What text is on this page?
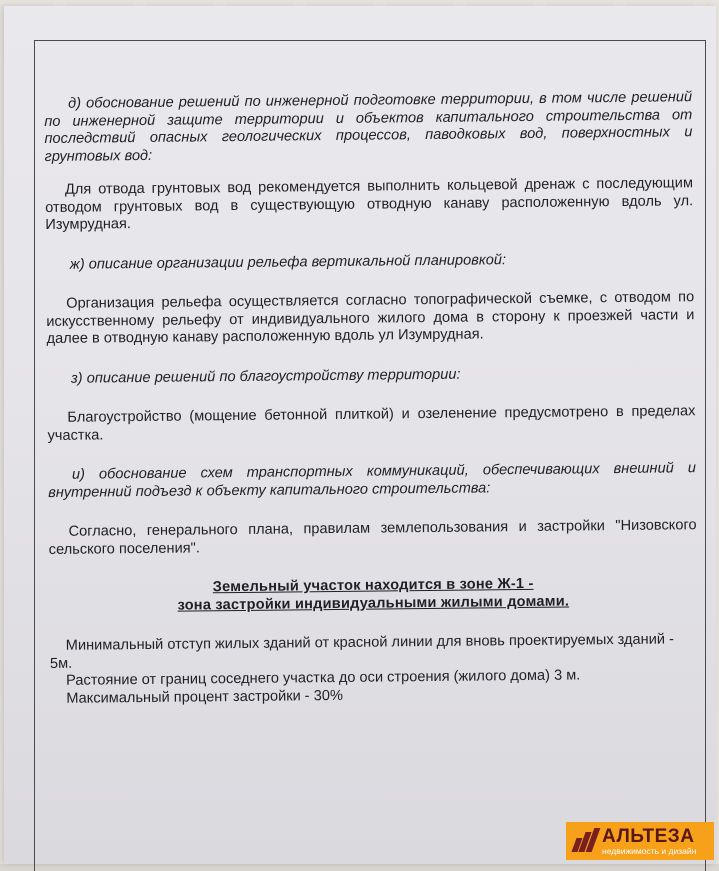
д) обоснование решений по инженерной подготовке территории, в том числе решений по инженерной защите территории и объектов капитального строительства от последствий опасных геологических процессов, паводковых вод, поверхностных и грунтовых вод:

Для отвода грунтовых вод рекомендуется выполнить кольцевой дренаж с последующим отводом грунтовых вод в существующую отводную канаву расположенную вдоль ул. Изумрудная.

ж) описание организации рельефа вертикальной планировкой:

Организация рельефа осуществляется согласно топографической съемке, с отводом по искусственному рельефу от индивидуального жилого дома в сторону к проезжей части и далее в отводную канаву расположенную вдоль ул Изумрудная.

з) описание решений по благоустройству территории:

Благоустройство (мощение бетонной плиткой) и озеленение предусмотрено в пределах участка.

и) обоснование схем транспортных коммуникаций, обеспечивающих внешний и внутренний подъезд к объекту капитального строительства:

Согласно, генерального плана, правилам землепользования и застройки "Низовского сельского поселения".

Земельный участок находится в зоне Ж-1 -

зона застройки индивидуальными жилыми домами.

Минимальный отступ жилых зданий от красной линии для вновь проектируемых зданий - 5м.

Растояние от границ соседнего участка до оси строения (жилого дома) 3 м.

Максимальный процент застройки - 30%

АЛЬТЕЗА
недвижимость и дизайн
